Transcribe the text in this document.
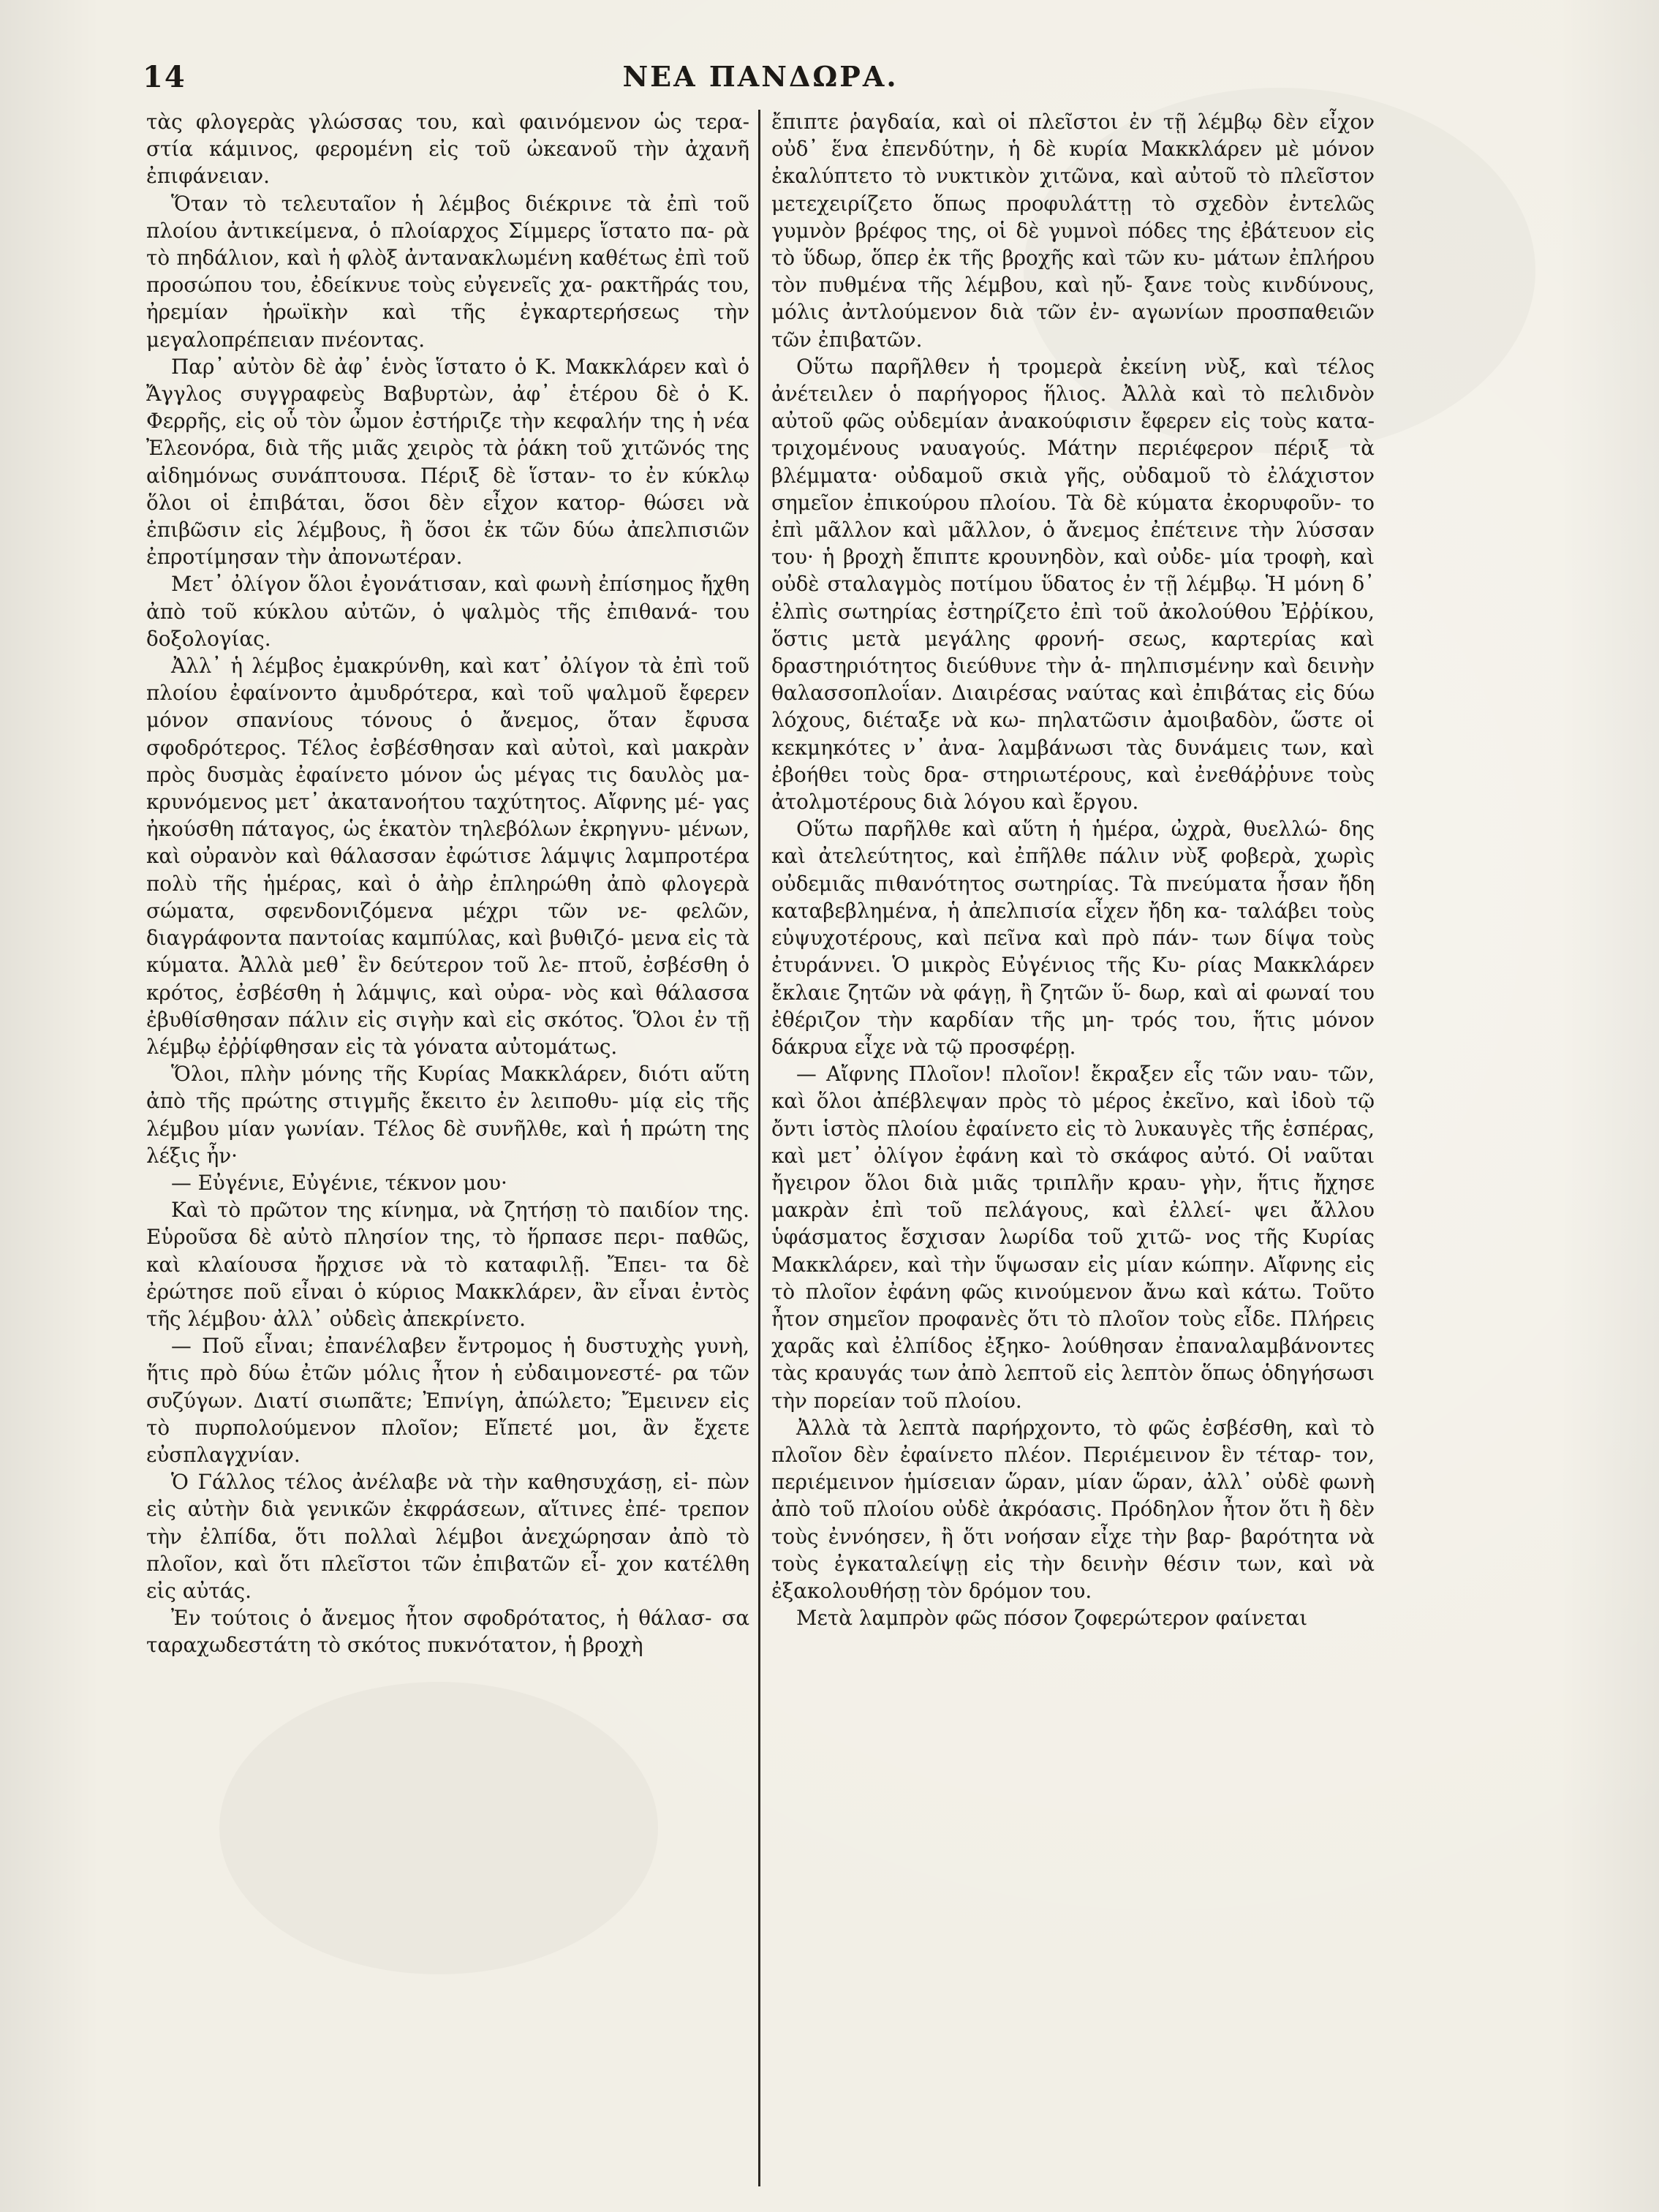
14	ΝΕΑ ΠΑΝΔΩΡΑ.

τὰς φλογερὰς γλώσσας του, καὶ φαινόμενον ὡς τερα- στία κάμινος, φερομένη εἰς τοῦ ὠκεανοῦ τὴν ἀχανῆ ἐπιφάνειαν.

Ὅταν τὸ τελευταῖον ἡ λέμβος διέκρινε τὰ ἐπὶ τοῦ πλοίου ἀντικείμενα, ὁ πλοίαρχος Σίμμερς ἵστατο πα- ρὰ τὸ πηδάλιον, καὶ ἡ φλὸξ ἀντανακλωμένη καθέτως ἐπὶ τοῦ προσώπου του, ἐδείκνυε τοὺς εὐγενεῖς χα- ρακτῆράς του, ἠρεμίαν ἡρωϊκὴν καὶ τῆς ἐγκαρτερήσεως τὴν μεγαλοπρέπειαν πνέοντας.

Παρ᾽ αὐτὸν δὲ ἀφ᾽ ἑνὸς ἵστατο ὁ Κ. Μακκλάρεν καὶ ὁ Ἄγγλος συγγραφεὺς Βαβυρτὼν, ἀφ᾽ ἑτέρου δὲ ὁ Κ. Φερρῆς, εἰς οὗ τὸν ὦμον ἐστήριζε τὴν κεφαλήν της ἡ νέα Ἐλεονόρα, διὰ τῆς μιᾶς χειρὸς τὰ ῥάκη τοῦ χιτῶνός της αἰδημόνως συνάπτουσα. Πέριξ δὲ ἵσταν- το ἐν κύκλῳ ὅλοι οἱ ἐπιβάται, ὅσοι δὲν εἶχον κατορ- θώσει νὰ ἐπιβῶσιν εἰς λέμβους, ἢ ὅσοι ἐκ τῶν δύω ἀπελπισιῶν ἐπροτίμησαν τὴν ἀπονωτέραν.

Μετ᾽ ὀλίγον ὅλοι ἐγονάτισαν, καὶ φωνὴ ἐπίσημος ἤχθη ἀπὸ τοῦ κύκλου αὐτῶν, ὁ ψαλμὸς τῆς ἐπιθανά- του δοξολογίας.

Ἀλλ᾽ ἡ λέμβος ἐμακρύνθη, καὶ κατ᾽ ὀλίγον τὰ ἐπὶ τοῦ πλοίου ἐφαίνοντο ἀμυδρότερα, καὶ τοῦ ψαλμοῦ ἔφερεν μόνον σπανίους τόνους ὁ ἄνεμος, ὅταν ἔφυσα σφοδρότερος. Τέλος ἐσβέσθησαν καὶ αὐτοὶ, καὶ μακρὰν πρὸς δυσμὰς ἐφαίνετο μόνον ὡς μέγας τις δαυλὸς μα- κρυνόμενος μετ᾽ ἀκατανοήτου ταχύτητος. Αἴφνης μέ- γας ἠκούσθη πάταγος, ὡς ἑκατὸν τηλεβόλων ἐκρηγνυ- μένων, καὶ οὐρανὸν καὶ θάλασσαν ἐφώτισε λάμψις λαμπροτέρα πολὺ τῆς ἡμέρας, καὶ ὁ ἀὴρ ἐπληρώθη ἀπὸ φλογερὰ σώματα, σφενδονιζόμενα μέχρι τῶν νε- φελῶν, διαγράφοντα παντοίας καμπύλας, καὶ βυθιζό- μενα εἰς τὰ κύματα. Ἀλλὰ μεθ᾽ ἓν δεύτερον τοῦ λε- πτοῦ, ἐσβέσθη ὁ κρότος, ἐσβέσθη ἡ λάμψις, καὶ οὐρα- νὸς καὶ θάλασσα ἐβυθίσθησαν πάλιν εἰς σιγὴν καὶ εἰς σκότος. Ὅλοι ἐν τῇ λέμβῳ ἐῤῥίφθησαν εἰς τὰ γόνατα αὐτομάτως.

Ὅλοι, πλὴν μόνης τῆς Κυρίας Μακκλάρεν, διότι αὕτη ἀπὸ τῆς πρώτης στιγμῆς ἔκειτο ἐν λειποθυ- μίᾳ εἰς τῆς λέμβου μίαν γωνίαν. Τέλος δὲ συνῆλθε, καὶ ἡ πρώτη της λέξις ἦν·

— Εὐγένιε, Εὐγένιε, τέκνον μου·

Καὶ τὸ πρῶτον της κίνημα, νὰ ζητήσῃ τὸ παιδίον της. Εὑροῦσα δὲ αὐτὸ πλησίον της, τὸ ἥρπασε περι- παθῶς, καὶ κλαίουσα ἤρχισε νὰ τὸ καταφιλῇ. Ἔπει- τα δὲ ἐρώτησε ποῦ εἶναι ὁ κύριος Μακκλάρεν, ἂν εἶναι ἐντὸς τῆς λέμβου· ἀλλ᾽ οὐδεὶς ἀπεκρίνετο.

— Ποῦ εἶναι; ἐπανέλαβεν ἔντρομος ἡ δυστυχὴς γυνὴ, ἥτις πρὸ δύω ἐτῶν μόλις ἦτον ἡ εὐδαιμονεστέ- ρα τῶν συζύγων. Διατί σιωπᾶτε; Ἐπνίγη, ἀπώλετο; Ἔμεινεν εἰς τὸ πυρπολούμενον πλοῖον; Εἴπετέ μοι, ἂν ἔχετε εὐσπλαγχνίαν.

Ὁ Γάλλος τέλος ἀνέλαβε νὰ τὴν καθησυχάσῃ, εἰ- πὼν εἰς αὐτὴν διὰ γενικῶν ἐκφράσεων, αἵτινες ἐπέ- τρεπον τὴν ἐλπίδα, ὅτι πολλαὶ λέμβοι ἀνεχώρησαν ἀπὸ τὸ πλοῖον, καὶ ὅτι πλεῖστοι τῶν ἐπιβατῶν εἶ- χον κατέλθη εἰς αὐτάς.

Ἐν τούτοις ὁ ἄνεμος ἦτον σφοδρότατος, ἡ θάλασ- σα ταραχωδεστάτη τὸ σκότος πυκνότατον, ἡ βροχὴ

ἔπιπτε ῥαγδαία, καὶ οἱ πλεῖστοι ἐν τῇ λέμβῳ δὲν εἶχον οὐδ᾽ ἕνα ἐπενδύτην, ἡ δὲ κυρία Μακκλάρεν μὲ μόνον ἐκαλύπτετο τὸ νυκτικὸν χιτῶνα, καὶ αὐτοῦ τὸ πλεῖστον μετεχειρίζετο ὅπως προφυλάττῃ τὸ σχεδὸν ἐντελῶς γυμνὸν βρέφος της, οἱ δὲ γυμνοὶ πόδες της ἐβάτευον εἰς τὸ ὕδωρ, ὅπερ ἐκ τῆς βροχῆς καὶ τῶν κυ- μάτων ἐπλήρου τὸν πυθμένα τῆς λέμβου, καὶ ηὔ- ξανε τοὺς κινδύνους, μόλις ἀντλούμενον διὰ τῶν ἐν- αγωνίων προσπαθειῶν τῶν ἐπιβατῶν.

Οὕτω παρῆλθεν ἡ τρομερὰ ἐκείνη νὺξ, καὶ τέλος ἀνέτειλεν ὁ παρήγορος ἥλιος. Ἀλλὰ καὶ τὸ πελιδνὸν αὐτοῦ φῶς οὐδεμίαν ἀνακούφισιν ἔφερεν εἰς τοὺς κατα- τριχομένους ναυαγούς. Μάτην περιέφερον πέριξ τὰ βλέμματα· οὐδαμοῦ σκιὰ γῆς, οὐδαμοῦ τὸ ἐλάχιστον σημεῖον ἐπικούρου πλοίου. Τὰ δὲ κύματα ἐκορυφοῦν- το ἐπὶ μᾶλλον καὶ μᾶλλον, ὁ ἄνεμος ἐπέτεινε τὴν λύσσαν του· ἡ βροχὴ ἔπιπτε κρουνηδὸν, καὶ οὐδε- μία τροφὴ, καὶ οὐδὲ σταλαγμὸς ποτίμου ὕδατος ἐν τῇ λέμβῳ. Ἡ μόνη δ᾽ ἐλπὶς σωτηρίας ἐστηρίζετο ἐπὶ τοῦ ἀκολούθου Ἐῤῥίκου, ὅστις μετὰ μεγάλης φρονή- σεως, καρτερίας καὶ δραστηριότητος διεύθυνε τὴν ἀ- πηλπισμένην καὶ δεινὴν θαλασσοπλοΐαν. Διαιρέσας ναύτας καὶ ἐπιβάτας εἰς δύω λόχους, διέταξε νὰ κω- πηλατῶσιν ἀμοιβαδὸν, ὥστε οἱ κεκμηκότες ν᾽ ἀνα- λαμβάνωσι τὰς δυνάμεις των, καὶ ἐβοήθει τοὺς δρα- στηριωτέρους, καὶ ἐνεθάῤῥυνε τοὺς ἀτολμοτέρους διὰ λόγου καὶ ἔργου.

Οὕτω παρῆλθε καὶ αὕτη ἡ ἡμέρα, ὠχρὰ, θυελλώ- δης καὶ ἀτελεύτητος, καὶ ἐπῆλθε πάλιν νὺξ φοβερὰ, χωρὶς οὐδεμιᾶς πιθανότητος σωτηρίας. Τὰ πνεύματα ἦσαν ἤδη καταβεβλημένα, ἡ ἀπελπισία εἶχεν ἤδη κα- ταλάβει τοὺς εὐψυχοτέρους, καὶ πεῖνα καὶ πρὸ πάν- των δίψα τοὺς ἐτυράννει. Ὁ μικρὸς Εὐγένιος τῆς Κυ- ρίας Μακκλάρεν ἔκλαιε ζητῶν νὰ φάγῃ, ἢ ζητῶν ὕ- δωρ, καὶ αἱ φωναί του ἐθέριζον τὴν καρδίαν τῆς μη- τρός του, ἥτις μόνον δάκρυα εἶχε νὰ τῷ προσφέρῃ.

— Αἴφνης Πλοῖον! πλοῖον! ἔκραξεν εἷς τῶν ναυ- τῶν, καὶ ὅλοι ἀπέβλεψαν πρὸς τὸ μέρος ἐκεῖνο, καὶ ἰδοὺ τῷ ὄντι ἱστὸς πλοίου ἐφαίνετο εἰς τὸ λυκαυγὲς τῆς ἑσπέρας, καὶ μετ᾽ ὀλίγον ἐφάνη καὶ τὸ σκάφος αὐτό. Οἱ ναῦται ἤγειρον ὅλοι διὰ μιᾶς τριπλῆν κραυ- γὴν, ἥτις ἤχησε μακρὰν ἐπὶ τοῦ πελάγους, καὶ ἐλλεί- ψει ἄλλου ὑφάσματος ἔσχισαν λωρίδα τοῦ χιτῶ- νος τῆς Κυρίας Μακκλάρεν, καὶ τὴν ὕψωσαν εἰς μίαν κώπην. Αἴφνης εἰς τὸ πλοῖον ἐφάνη φῶς κινούμενον ἄνω καὶ κάτω. Τοῦτο ἦτον σημεῖον προφανὲς ὅτι τὸ πλοῖον τοὺς εἶδε. Πλήρεις χαρᾶς καὶ ἐλπίδος ἐξηκο- λούθησαν ἐπαναλαμβάνοντες τὰς κραυγάς των ἀπὸ λεπτοῦ εἰς λεπτὸν ὅπως ὁδηγήσωσι τὴν πορείαν τοῦ πλοίου.

Ἀλλὰ τὰ λεπτὰ παρήρχοντο, τὸ φῶς ἐσβέσθη, καὶ τὸ πλοῖον δὲν ἐφαίνετο πλέον. Περιέμεινον ἓν τέταρ- τον, περιέμεινον ἡμίσειαν ὥραν, μίαν ὥραν, ἀλλ᾽ οὐδὲ φωνὴ ἀπὸ τοῦ πλοίου οὐδὲ ἀκρόασις. Πρόδηλον ἦτον ὅτι ἢ δὲν τοὺς ἐννόησεν, ἢ ὅτι νοήσαν εἶχε τὴν βαρ- βαρότητα νὰ τοὺς ἐγκαταλείψῃ εἰς τὴν δεινὴν θέσιν των, καὶ νὰ ἐξακολουθήσῃ τὸν δρόμον του.

Μετὰ λαμπρὸν φῶς πόσον ζοφερώτερον φαίνεται
